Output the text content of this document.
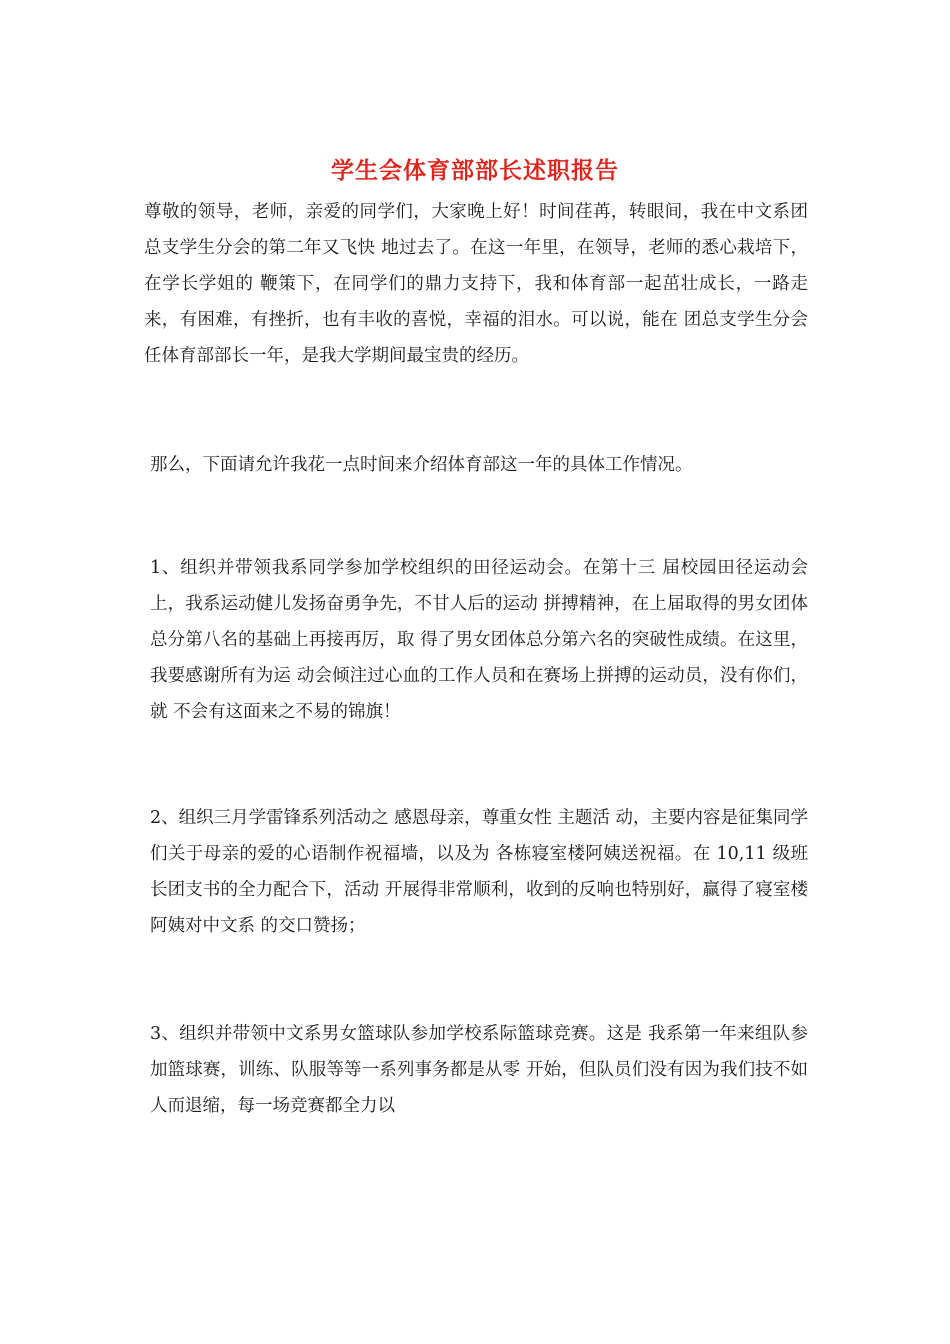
学生会体育部部长述职报告

尊敬的领导，老师，亲爱的同学们，大家晚上好！时间荏苒，转眼间，我在中文系团总支学生分会的第二年又飞快 地过去了。在这一年里，在领导，老师的悉心栽培下，在学长学姐的 鞭策下，在同学们的鼎力支持下，我和体育部一起茁壮成长，一路走 来，有困难，有挫折，也有丰收的喜悦，幸福的泪水。可以说，能在 团总支学生分会任体育部部长一年，是我大学期间最宝贵的经历。

那么，下面请允许我花一点时间来介绍体育部这一年的具体工作情况。

1、组织并带领我系同学参加学校组织的田径运动会。在第十三 届校园田径运动会上，我系运动健儿发扬奋勇争先，不甘人后的运动 拼搏精神，在上届取得的男女团体总分第八名的基础上再接再厉，取 得了男女团体总分第六名的突破性成绩。在这里，我要感谢所有为运 动会倾注过心血的工作人员和在赛场上拼搏的运动员，没有你们，就 不会有这面来之不易的锦旗！

2、组织三月学雷锋系列活动之 感恩母亲，尊重女性 主题活 动，主要内容是征集同学们关于母亲的爱的心语制作祝福墙，以及为 各栋寝室楼阿姨送祝福。在 10,11 级班长团支书的全力配合下，活动 开展得非常顺利，收到的反响也特别好，赢得了寝室楼阿姨对中文系 的交口赞扬；

3、组织并带领中文系男女篮球队参加学校系际篮球竞赛。这是 我系第一年来组队参加篮球赛，训练、队服等等一系列事务都是从零 开始，但队员们没有因为我们技不如人而退缩，每一场竞赛都全力以
